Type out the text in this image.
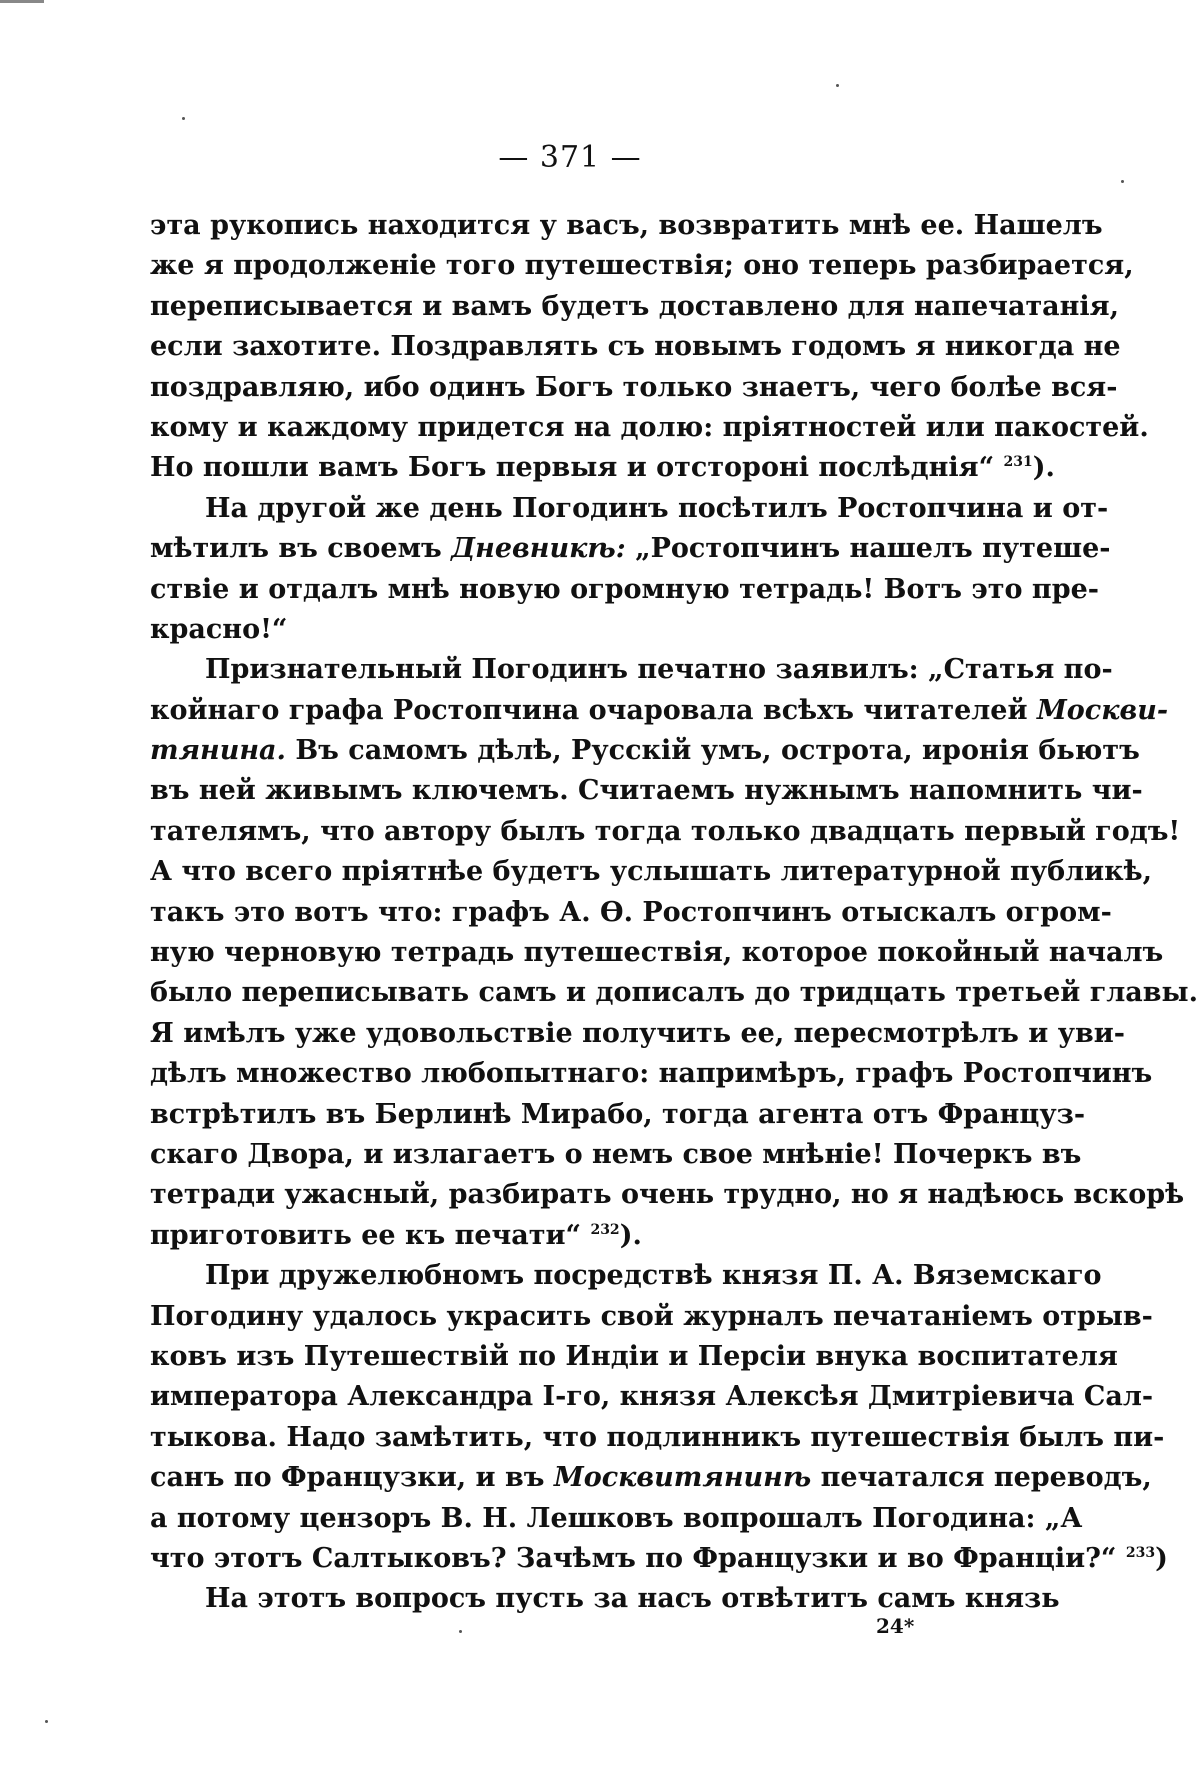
— 371 —
эта рукопись находится у васъ, возвратить мнѣ ее. Нашелъ
же я продолженіе того путешествія; оно теперь разбирается,
переписывается и вамъ будетъ доставлено для напечатанія,
если захотите. Поздравлять съ новымъ годомъ я никогда не
поздравляю, ибо одинъ Богъ только знаетъ, чего болѣе вся-
кому и каждому придется на долю: пріятностей или пакостей.
Но пошли вамъ Богъ первыя и отстороні послѣднія“ $^{231}$).
На другой же день Погодинъ посѣтилъ Ростопчина и от-
мѣтилъ въ своемъ Дневникѣ: „Ростопчинъ нашелъ путеше-
ствіе и отдалъ мнѣ новую огромную тетрадь! Вотъ это пре-
красно!“
Признательный Погодинъ печатно заявилъ: „Статья по-
койнаго графа Ростопчина очаровала всѣхъ читателей Москви-
тянина. Въ самомъ дѣлѣ, Русскій умъ, острота, иронія бьютъ
въ ней живымъ ключемъ. Считаемъ нужнымъ напомнить чи-
тателямъ, что автору былъ тогда только двадцать первый годъ!
А что всего пріятнѣе будетъ услышать литературной публикѣ,
такъ это вотъ что: графъ А. Ѳ. Ростопчинъ отыскалъ огром-
ную черновую тетрадь путешествія, которое покойный началъ
было переписывать самъ и дописалъ до тридцать третьей главы.
Я имѣлъ уже удовольствіе получить ее, пересмотрѣлъ и уви-
дѣлъ множество любопытнаго: напримѣръ, графъ Ростопчинъ
встрѣтилъ въ Берлинѣ Мирабо, тогда агента отъ Француз-
скаго Двора, и излагаетъ о немъ свое мнѣніе! Почеркъ въ
тетради ужасный, разбирать очень трудно, но я надѣюсь вскорѣ
приготовить ее къ печати“ $^{232}$).
При дружелюбномъ посредствѣ князя П. А. Вяземскаго
Погодину удалось украсить свой журналъ печатаніемъ отрыв-
ковъ изъ Путешествій по Индіи и Персіи внука воспитателя
императора Александра I-го, князя Алексѣя Дмитріевича Сал-
тыкова. Надо замѣтить, что подлинникъ путешествія былъ пи-
санъ по Французки, и въ Москвитянинѣ печатался переводъ,
а потому цензоръ В. Н. Лешковъ вопрошалъ Погодина: „А
что этотъ Салтыковъ? Зачѣмъ по Французки и во Франціи?“ $^{233}$)
На этотъ вопросъ пусть за насъ отвѣтитъ самъ князь
24*
